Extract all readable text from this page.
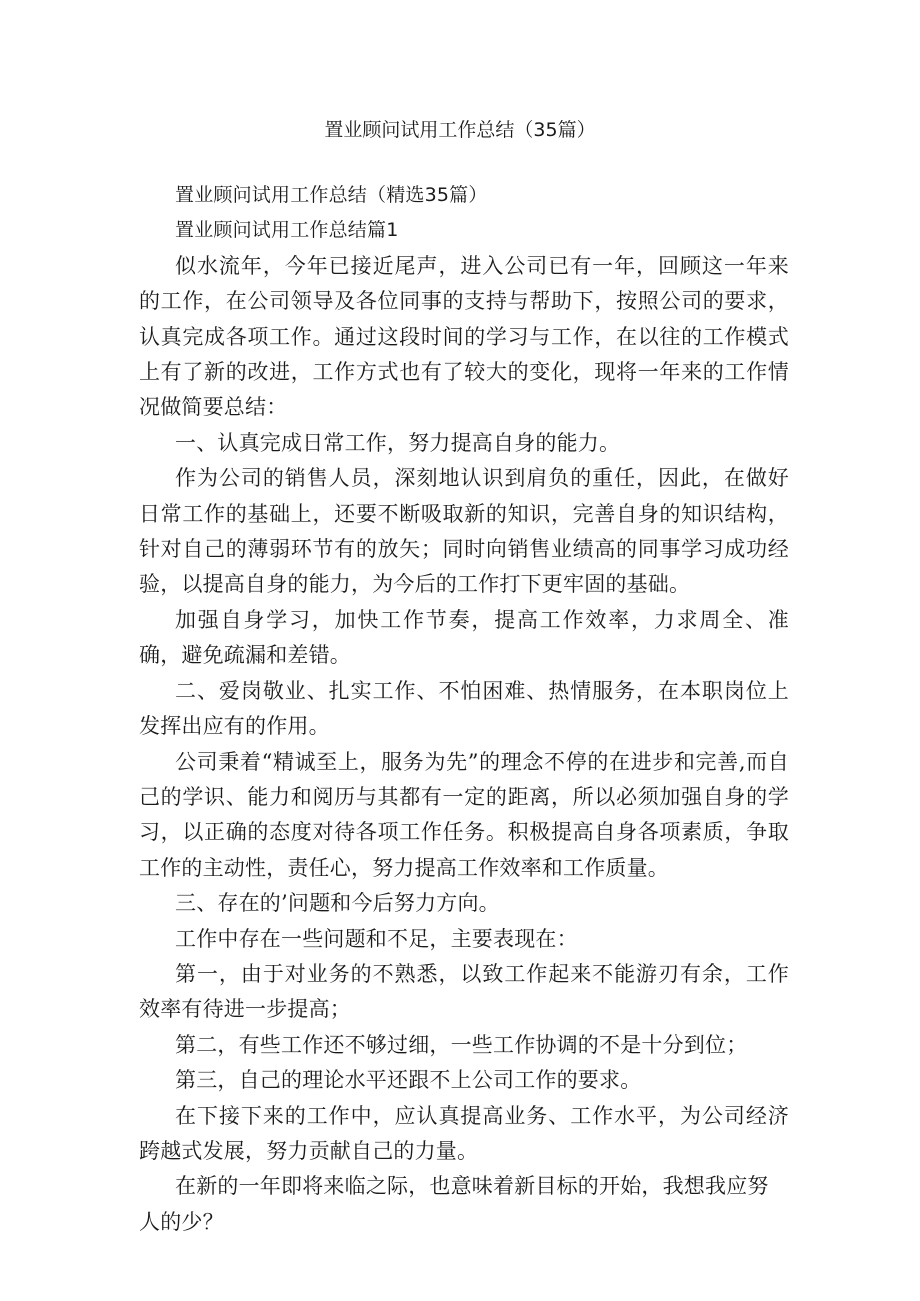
置业顾问试用工作总结（35篇）

置业顾问试用工作总结（精选35篇）

置业顾问试用工作总结篇1

似水流年，今年已接近尾声，进入公司已有一年，回顾这一年来的工作，在公司领导及各位同事的支持与帮助下，按照公司的要求，认真完成各项工作。通过这段时间的学习与工作，在以往的工作模式上有了新的改进，工作方式也有了较大的变化，现将一年来的工作情况做简要总结：

一、认真完成日常工作，努力提高自身的能力。

作为公司的销售人员，深刻地认识到肩负的重任，因此，在做好日常工作的基础上，还要不断吸取新的知识，完善自身的知识结构，针对自己的薄弱环节有的放矢；同时向销售业绩高的同事学习成功经验，以提高自身的能力，为今后的工作打下更牢固的基础。

加强自身学习，加快工作节奏，提高工作效率，力求周全、准确，避免疏漏和差错。

二、爱岗敬业、扎实工作、不怕困难、热情服务，在本职岗位上发挥出应有的作用。

公司秉着“精诚至上，服务为先”的理念不停的在进步和完善,而自己的学识、能力和阅历与其都有一定的距离，所以必须加强自身的学习，以正确的态度对待各项工作任务。积极提高自身各项素质，争取工作的主动性，责任心，努力提高工作效率和工作质量。

三、存在的’问题和今后努力方向。

工作中存在一些问题和不足，主要表现在：

第一，由于对业务的不熟悉，以致工作起来不能游刃有余，工作效率有待进一步提高；

第二，有些工作还不够过细，一些工作协调的不是十分到位；

第三，自己的理论水平还跟不上公司工作的要求。

在下接下来的工作中，应认真提高业务、工作水平，为公司经济跨越式发展，努力贡献自己的力量。

在新的一年即将来临之际，也意味着新目标的开始，我想我应努

人的少？
